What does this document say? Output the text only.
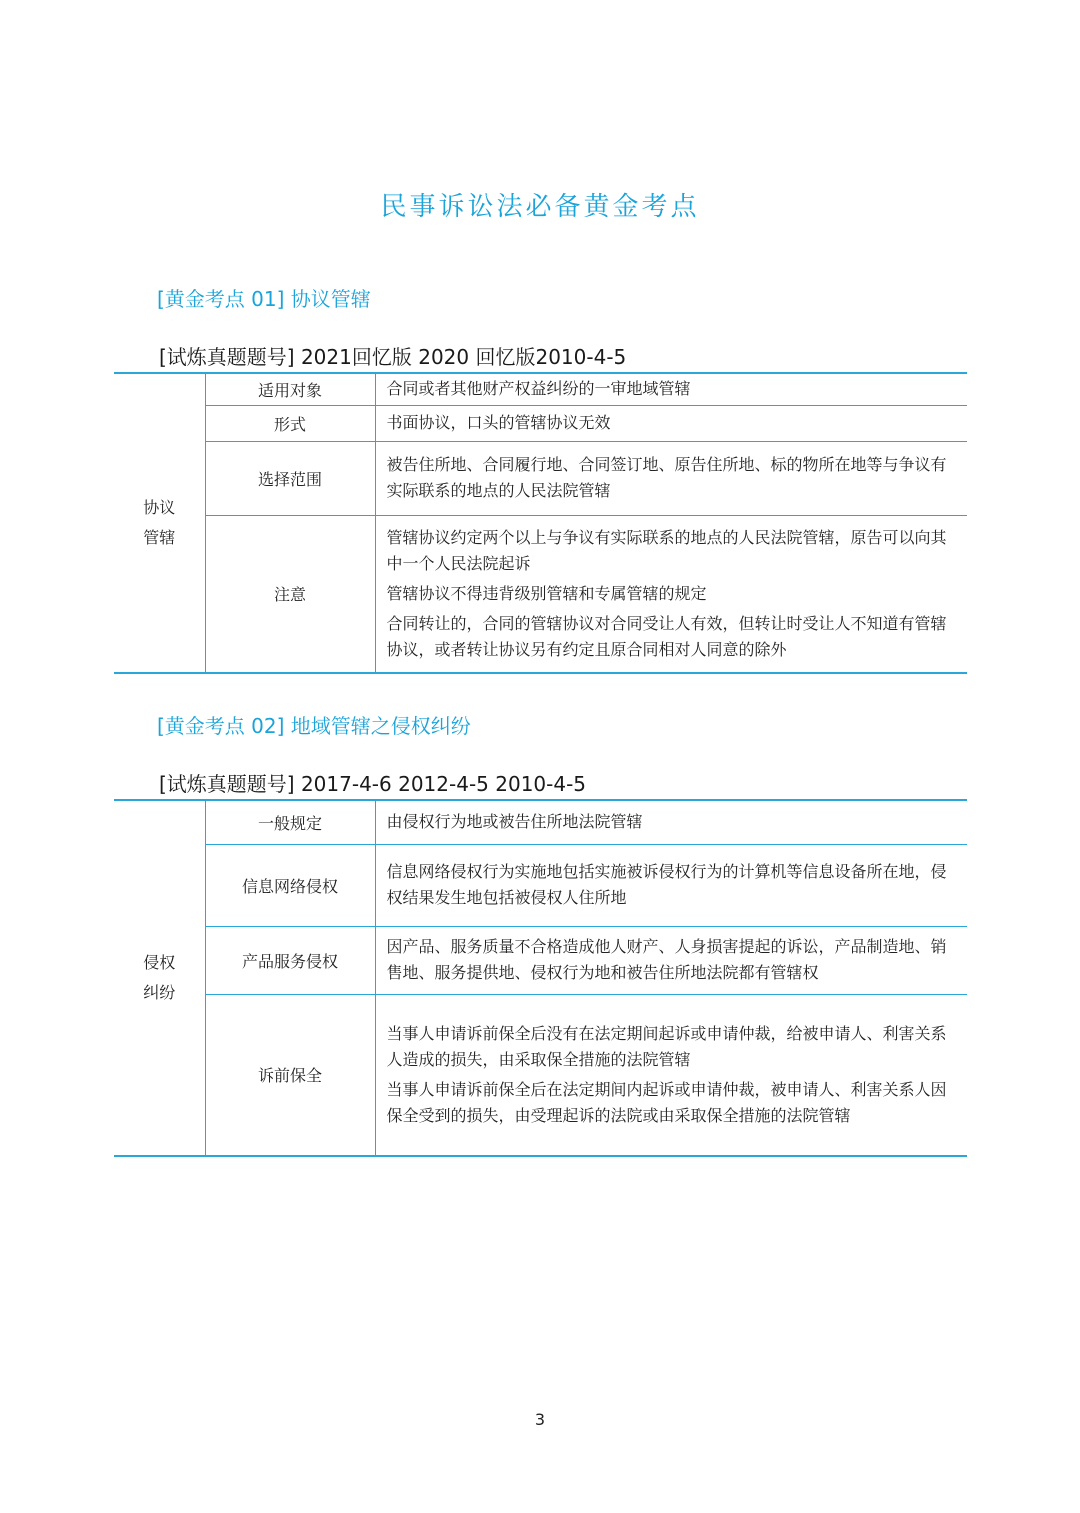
民事诉讼法必备黄金考点
[黄金考点 01] 协议管辖
[试炼真题题号] 2021回忆版 2020 回忆版2010-4-5
协议
管辖	适用对象	合同或者其他财产权益纠纷的一审地域管辖

	形式	书面协议，口头的管辖协议无效

	选择范围	被告住所地、合同履行地、合同签订地、原告住所地、标的物所在地等与争议有实际联系的地点的人民法院管辖

	注意	管辖协议约定两个以上与争议有实际联系的地点的人民法院管辖，原告可以向其中一个人民法院起诉
管辖协议不得违背级别管辖和专属管辖的规定
合同转让的，合同的管辖协议对合同受让人有效，但转让时受让人不知道有管辖协议，或者转让协议另有约定且原合同相对人同意的除外
[黄金考点 02] 地域管辖之侵权纠纷
[试炼真题题号] 2017-4-6 2012-4-5 2010-4-5
侵权
纠纷	一般规定	由侵权行为地或被告住所地法院管辖

	信息网络侵权	信息网络侵权行为实施地包括实施被诉侵权行为的计算机等信息设备所在地，侵权结果发生地包括被侵权人住所地

	产品服务侵权	因产品、服务质量不合格造成他人财产、人身损害提起的诉讼，产品制造地、销售地、服务提供地、侵权行为地和被告住所地法院都有管辖权

	诉前保全	当事人申请诉前保全后没有在法定期间起诉或申请仲裁，给被申请人、利害关系人造成的损失，由采取保全措施的法院管辖
当事人申请诉前保全后在法定期间内起诉或申请仲裁，被申请人、利害关系人因保全受到的损失，由受理起诉的法院或由采取保全措施的法院管辖
3
